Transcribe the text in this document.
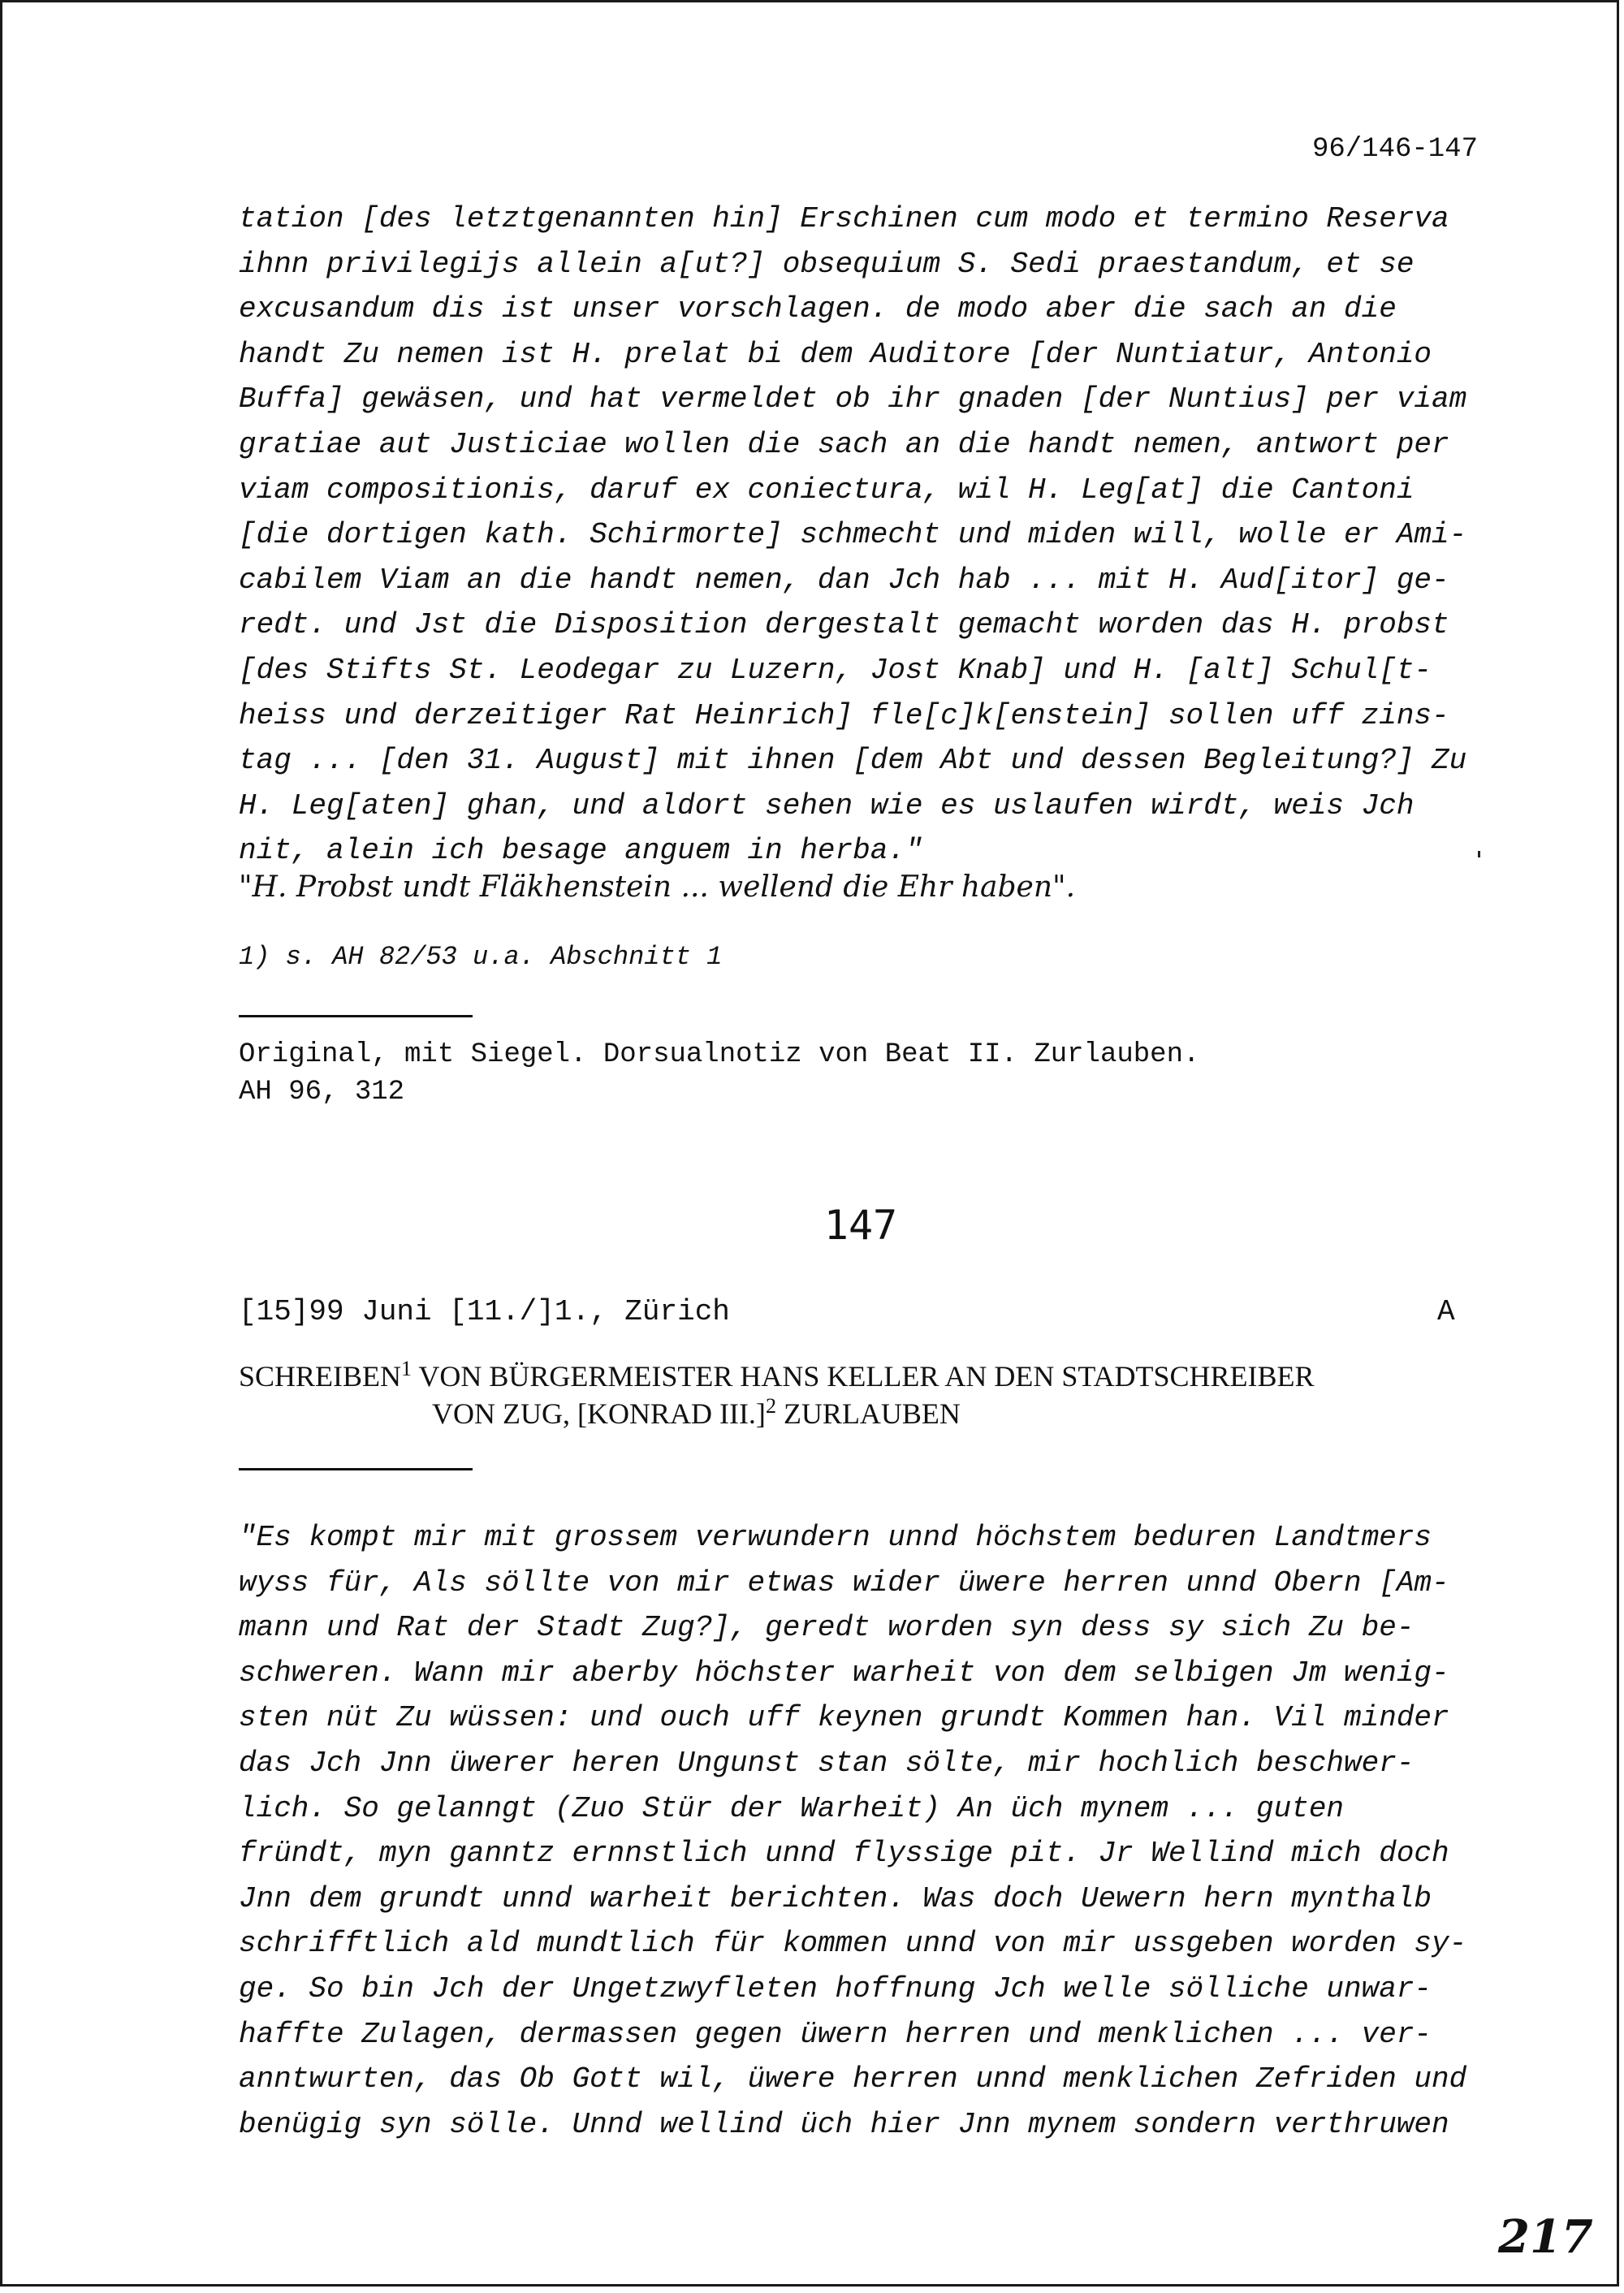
96/146-147

tation [des letztgenannten hin] Erschinen cum modo et termino Reserva

ihnn privilegijs allein a[ut?] obsequium S. Sedi praestandum, et se

excusandum dis ist unser vorschlagen. de modo aber die sach an die

handt Zu nemen ist H. prelat bi dem Auditore [der Nuntiatur, Antonio

Buffa] gewäsen, und hat vermeldet ob ihr gnaden [der Nuntius] per viam

gratiae aut Justiciae wollen die sach an die handt nemen, antwort per

viam compositionis, daruf ex coniectura, wil H. Leg[at] die Cantoni

[die dortigen kath. Schirmorte] schmecht und miden will, wolle er Ami-

cabilem Viam an die handt nemen, dan Jch hab ... mit H. Aud[itor] ge-

redt. und Jst die Disposition dergestalt gemacht worden das H. probst

[des Stifts St. Leodegar zu Luzern, Jost Knab] und H. [alt] Schul[t-

heiss und derzeitiger Rat Heinrich] fle[c]k[enstein] sollen uff zins-

tag ... [den 31. August] mit ihnen [dem Abt und dessen Begleitung?] Zu

H. Leg[aten] ghan, und aldort sehen wie es uslaufen wirdt, weis Jch

nit, alein ich besage anguem in herba."

"H. Probst undt Fläkhenstein ... wellend die Ehr haben".
1) s. AH 82/53 u.a. Abschnitt 1

Original, mit Siegel. Dorsualnotiz von Beat II. Zurlauben.

AH 96, 312

147
[15]99 Juni [11./]1., Zürich	A

SCHREIBEN$^1$ VON BÜRGERMEISTER HANS KELLER AN DEN STADTSCHREIBER

VON ZUG, [KONRAD III.]$^2$ ZURLAUBEN

"Es kompt mir mit grossem verwundern unnd höchstem beduren Landtmers

wyss für, Als söllte von mir etwas wider üwere herren unnd Obern [Am-

mann und Rat der Stadt Zug?], geredt worden syn dess sy sich Zu be-

schweren. Wann mir aberby höchster warheit von dem selbigen Jm wenig-

sten nüt Zu wüssen: und ouch uff keynen grundt Kommen han. Vil minder

das Jch Jnn üwerer heren Ungunst stan sölte, mir hochlich beschwer-

lich. So gelanngt (Zuo Stür der Warheit) An üch mynem ... guten

fründt, myn ganntz ernnstlich unnd flyssige pit. Jr Wellind mich doch

Jnn dem grundt unnd warheit berichten. Was doch Uewern hern mynthalb

schrifftlich ald mundtlich für kommen unnd von mir ussgeben worden sy-

ge. So bin Jch der Ungetzwyfleten hoffnung Jch welle sölliche unwar-

haffte Zulagen, dermassen gegen üwern herren und menklichen ... ver-

anntwurten, das Ob Gott wil, üwere herren unnd menklichen Zefriden und

benügig syn sölle. Unnd wellind üch hier Jnn mynem sondern verthruwen

217
